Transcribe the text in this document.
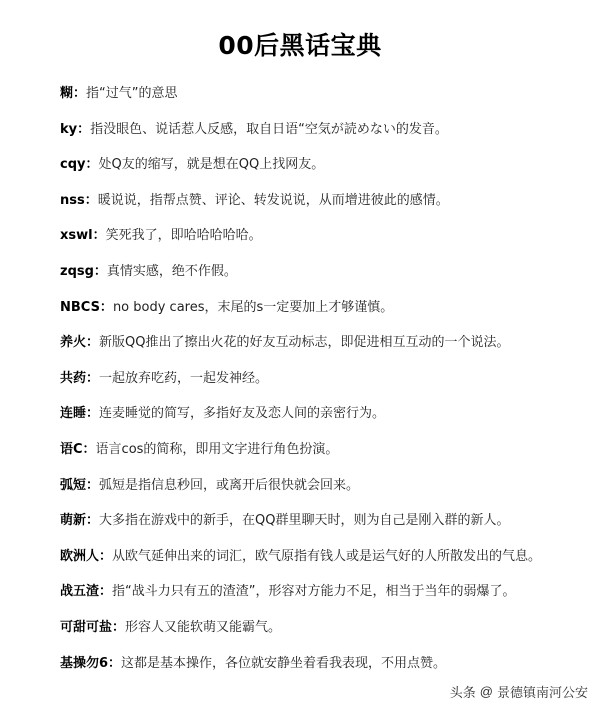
00后黑话宝典
糊：指“过气”的意思
ky：指没眼色、说话惹人反感，取自日语“空気が読めない的发音。
cqy：处Q友的缩写，就是想在QQ上找网友。
nss：暖说说，指帮点赞、评论、转发说说，从而增进彼此的感情。
xswl：笑死我了，即哈哈哈哈哈。
zqsg：真情实感，绝不作假。
NBCS：no body cares，末尾的s一定要加上才够谨慎。
养火：新版QQ推出了擦出火花的好友互动标志，即促进相互互动的一个说法。
共药：一起放弃吃药，一起发神经。
连睡：连麦睡觉的简写，多指好友及恋人间的亲密行为。
语C：语言cos的简称，即用文字进行角色扮演。
弧短：弧短是指信息秒回，或离开后很快就会回来。
萌新：大多指在游戏中的新手，在QQ群里聊天时，则为自己是刚入群的新人。
欧洲人：从欧气延伸出来的词汇，欧气原指有钱人或是运气好的人所散发出的气息。
战五渣：指“战斗力只有五的渣渣”，形容对方能力不足，相当于当年的弱爆了。
可甜可盐：形容人又能软萌又能霸气。
基操勿6：这都是基本操作，各位就安静坐着看我表现，不用点赞。
头条 @ 景德镇南河公安
